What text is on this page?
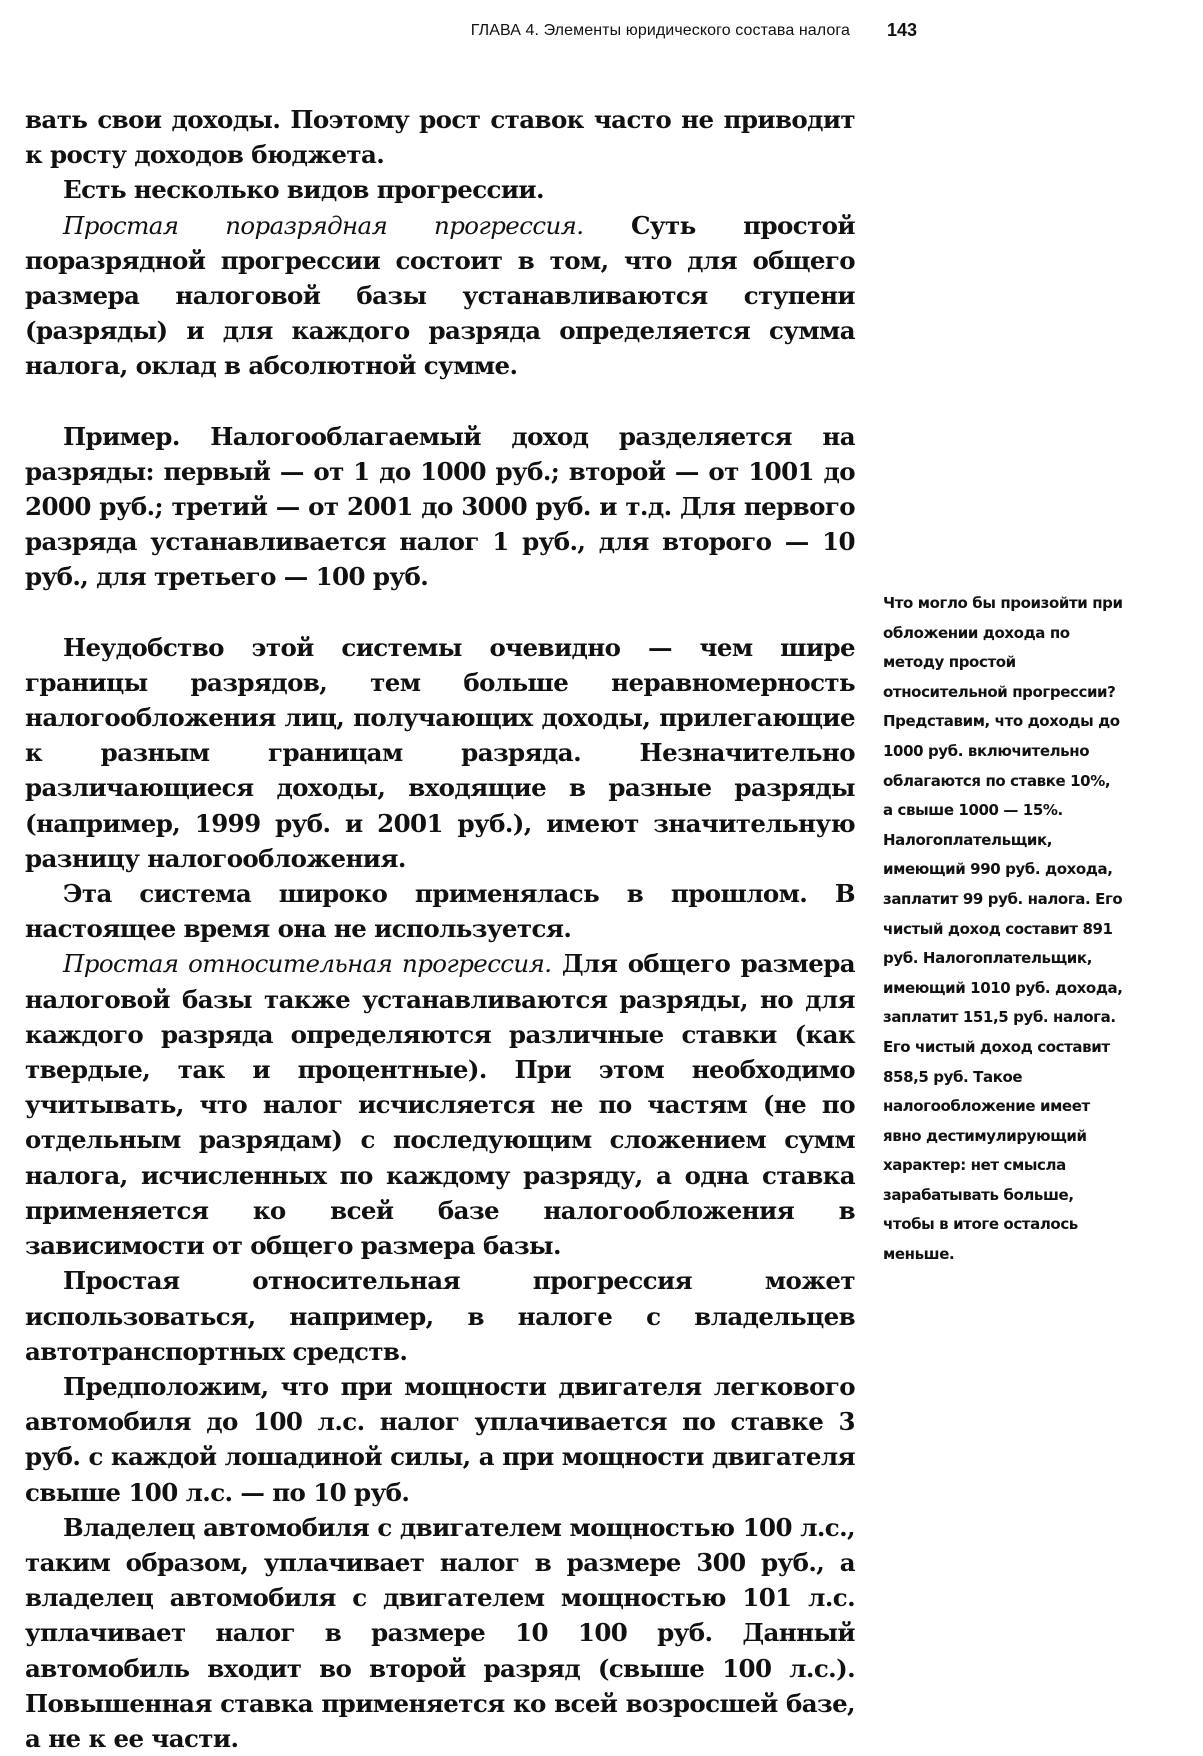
ГЛАВА 4. Элементы юридического состава налога 143

вать свои доходы. Поэтому рост ставок часто не приводит к росту доходов бюджета.

Есть несколько видов прогрессии.

Простая поразрядная прогрессия. Суть простой поразрядной прогрессии состоит в том, что для общего размера налоговой базы устанавливаются ступени (разряды) и для каждого разряда определяется сумма налога, оклад в абсолютной сумме.

Пример. Налогооблагаемый доход разделяется на разряды: первый — от 1 до 1000 руб.; второй — от 1001 до 2000 руб.; третий — от 2001 до 3000 руб. и т.д. Для первого разряда устанавливается налог 1 руб., для второго — 10 руб., для третьего — 100 руб.

Неудобство этой системы очевидно — чем шире границы разрядов, тем больше неравномерность налогообложения лиц, получающих доходы, прилегающие к разным границам разряда. Незначительно различающиеся доходы, входящие в разные разряды (например, 1999 руб. и 2001 руб.), имеют значительную разницу налогообложения.

Эта система широко применялась в прошлом. В настоящее время она не используется.

Простая относительная прогрессия. Для общего размера налоговой базы также устанавливаются разряды, но для каждого разряда определяются различные ставки (как твердые, так и процентные). При этом необходимо учитывать, что налог исчисляется не по частям (не по отдельным разрядам) с последующим сложением сумм налога, исчисленных по каждому разряду, а одна ставка применяется ко всей базе налогообложения в зависимости от общего размера базы.

Простая относительная прогрессия может использоваться, например, в налоге с владельцев автотранспортных средств.

Предположим, что при мощности двигателя легкового автомобиля до 100 л.с. налог уплачивается по ставке 3 руб. с каждой лошадиной силы, а при мощности двигателя свыше 100 л.с. — по 10 руб.

Владелец автомобиля с двигателем мощностью 100 л.с., таким образом, уплачивает налог в размере 300 руб., а владелец автомобиля с двигателем мощностью 101 л.с. уплачивает налог в размере 10 100 руб. Данный автомобиль входит во второй разряд (свыше 100 л.с.). Повышенная ставка применяется ко всей возросшей базе, а не к ее части.

Что могло бы произойти при обложении дохода по методу простой относительной прогрессии? Представим, что доходы до 1000 руб. включительно облагаются по ставке 10%, а свыше 1000 — 15%. Налогоплательщик, имеющий 990 руб. дохода, заплатит 99 руб. налога. Его чистый доход составит 891 руб. Налогоплательщик, имеющий 1010 руб. дохода, заплатит 151,5 руб. налога. Его чистый доход составит 858,5 руб. Такое налогообложение имеет явно дестимулирующий характер: нет смысла зарабатывать больше, чтобы в итоге осталось меньше.
